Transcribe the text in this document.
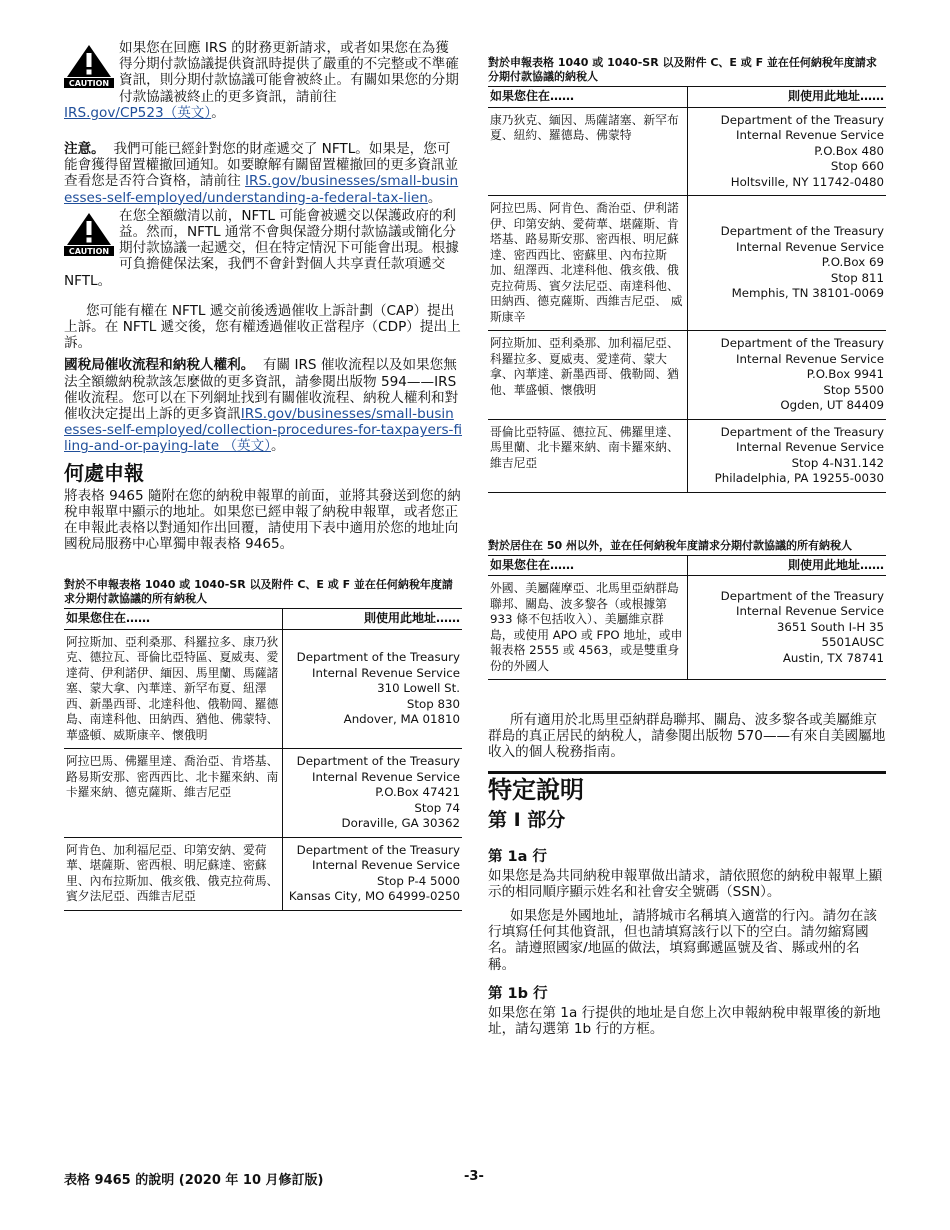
CAUTION

如果您在回應 IRS 的財務更新請求，或者如果您在為獲得分期付款協議提供資訊時提供了嚴重的不完整或不準確資訊，則分期付款協議可能會被終止。有關如果您的分期付款協議被終止的更多資訊，請前往
IRS.gov/CP523（英文）。

注意。 我們可能已經針對您的財產遞交了 NFTL。如果是，您可能會獲得留置權撤回通知。如要瞭解有關留置權撤回的更多資訊並查看您是否符合資格，請前往 IRS.gov/businesses/small-businesses-self-employed/understanding-a-federal-tax-lien。

CAUTION

在您全額繳清以前，NFTL 可能會被遞交以保護政府的利益。然而，NFTL 通常不會與保證分期付款協議或簡化分期付款協議一起遞交，但在特定情況下可能會出現。根據可負擔健保法案，我們不會針對個人共享責任款項遞交 NFTL。

您可能有權在 NFTL 遞交前後透過催收上訴計劃（CAP）提出上訴。在 NFTL 遞交後，您有權透過催收正當程序（CDP）提出上訴。

國稅局催收流程和納稅人權利。 有關 IRS 催收流程以及如果您無法全額繳納稅款該怎麼做的更多資訊，請參閱出版物 594——IRS 催收流程。您可以在下列網址找到有關催收流程、納稅人權利和對催收決定提出上訴的更多資訊IRS.gov/businesses/small-businesses-self-employed/collection-procedures-for-taxpayers-filing-and-or-paying-late （英文）。

何處申報

將表格 9465 隨附在您的納稅申報單的前面，並將其發送到您的納稅申報單中顯示的地址。如果您已經申報了納稅申報單，或者您正在申報此表格以對通知作出回覆，請使用下表中適用於您的地址向國稅局服務中心單獨申報表格 9465。

對於不申報表格 1040 或 1040-SR 以及附件 C、E 或 F 並在任何納稅年度請求分期付款協議的所有納稅人
如果您住在……	則使用此地址……
阿拉斯加、亞利桑那、科羅拉多、康乃狄克、德拉瓦、哥倫比亞特區、夏威夷、愛達荷、伊利諾伊、緬因、馬里蘭、馬薩諸塞、蒙大拿、內華達、新罕布夏、紐澤西、新墨西哥、北達科他、俄勒岡、羅德島、南達科他、田納西、猶他、佛蒙特、華盛頓、威斯康辛、懷俄明	Department of the Treasury
Internal Revenue Service
310 Lowell St.
Stop 830
Andover, MA 01810

阿拉巴馬、佛羅里達、喬治亞、肯塔基、路易斯安那、密西西比、北卡羅來納、南卡羅來納、德克薩斯、維吉尼亞	Department of the Treasury
Internal Revenue Service
P.O.Box 47421
Stop 74
Doraville, GA 30362

阿肯色、加利福尼亞、印第安納、愛荷華、堪薩斯、密西根、明尼蘇達、密蘇里、內布拉斯加、俄亥俄、俄克拉荷馬、賓夕法尼亞、西維吉尼亞	Department of the Treasury
Internal Revenue Service
Stop P-4 5000
Kansas City, MO 64999-0250
對於申報表格 1040 或 1040-SR 以及附件 C、E 或 F 並在任何納稅年度請求分期付款協議的納稅人
如果您住在……	則使用此地址……
康乃狄克、緬因、馬薩諸塞、新罕布夏、紐約、羅德島、佛蒙特	Department of the Treasury
Internal Revenue Service
P.O.Box 480
Stop 660
Holtsville, NY 11742-0480

阿拉巴馬、阿肯色、喬治亞、伊利諾伊、印第安納、愛荷華、堪薩斯、肯塔基、路易斯安那、密西根、明尼蘇達、密西西比、密蘇里、內布拉斯加、紐澤西、北達科他、俄亥俄、俄克拉荷馬、賓夕法尼亞、南達科他、田納西、德克薩斯、西維吉尼亞、 威斯康辛	Department of the Treasury
Internal Revenue Service
P.O.Box 69
Stop 811
Memphis, TN 38101-0069

阿拉斯加、亞利桑那、加利福尼亞、科羅拉多、夏威夷、愛達荷、蒙大拿、內華達、新墨西哥、俄勒岡、猶他、華盛頓、懷俄明	Department of the Treasury
Internal Revenue Service
P.O.Box 9941
Stop 5500
Ogden, UT 84409

哥倫比亞特區、德拉瓦、佛羅里達、馬里蘭、北卡羅來納、南卡羅來納、維吉尼亞	Department of the Treasury
Internal Revenue Service
Stop 4-N31.142
Philadelphia, PA 19255-0030
對於居住在 50 州以外，並在任何納稅年度請求分期付款協議的所有納稅人
如果您住在……	則使用此地址……
外國、美屬薩摩亞、北馬里亞納群島聯邦、關島、波多黎各（或根據第 933 條不包括收入）、美屬維京群島，或使用 APO 或 FPO 地址，或申報表格 2555 或 4563，或是雙重身份的外國人	Department of the Treasury
Internal Revenue Service
3651 South I-H 35
5501AUSC
Austin, TX 78741

所有適用於北馬里亞納群島聯邦、關島、波多黎各或美屬維京群島的真正居民的納稅人，請參閱出版物 570——有來自美國屬地收入的個人稅務指南。

特定說明
第 I 部分
第 1a 行

如果您是為共同納稅申報單做出請求，請依照您的納稅申報單上顯示的相同順序顯示姓名和社會安全號碼（SSN）。

如果您是外國地址，請將城市名稱填入適當的行內。請勿在該行填寫任何其他資訊，但也請填寫該行以下的空白。請勿縮寫國名。請遵照國家/地區的做法，填寫郵遞區號及省、縣或州的名稱。

第 1b 行

如果您在第 1a 行提供的地址是自您上次申報納稅申報單後的新地址，請勾選第 1b 行的方框。

表格 9465 的說明 (2020 年 10 月修訂版)	-3-
